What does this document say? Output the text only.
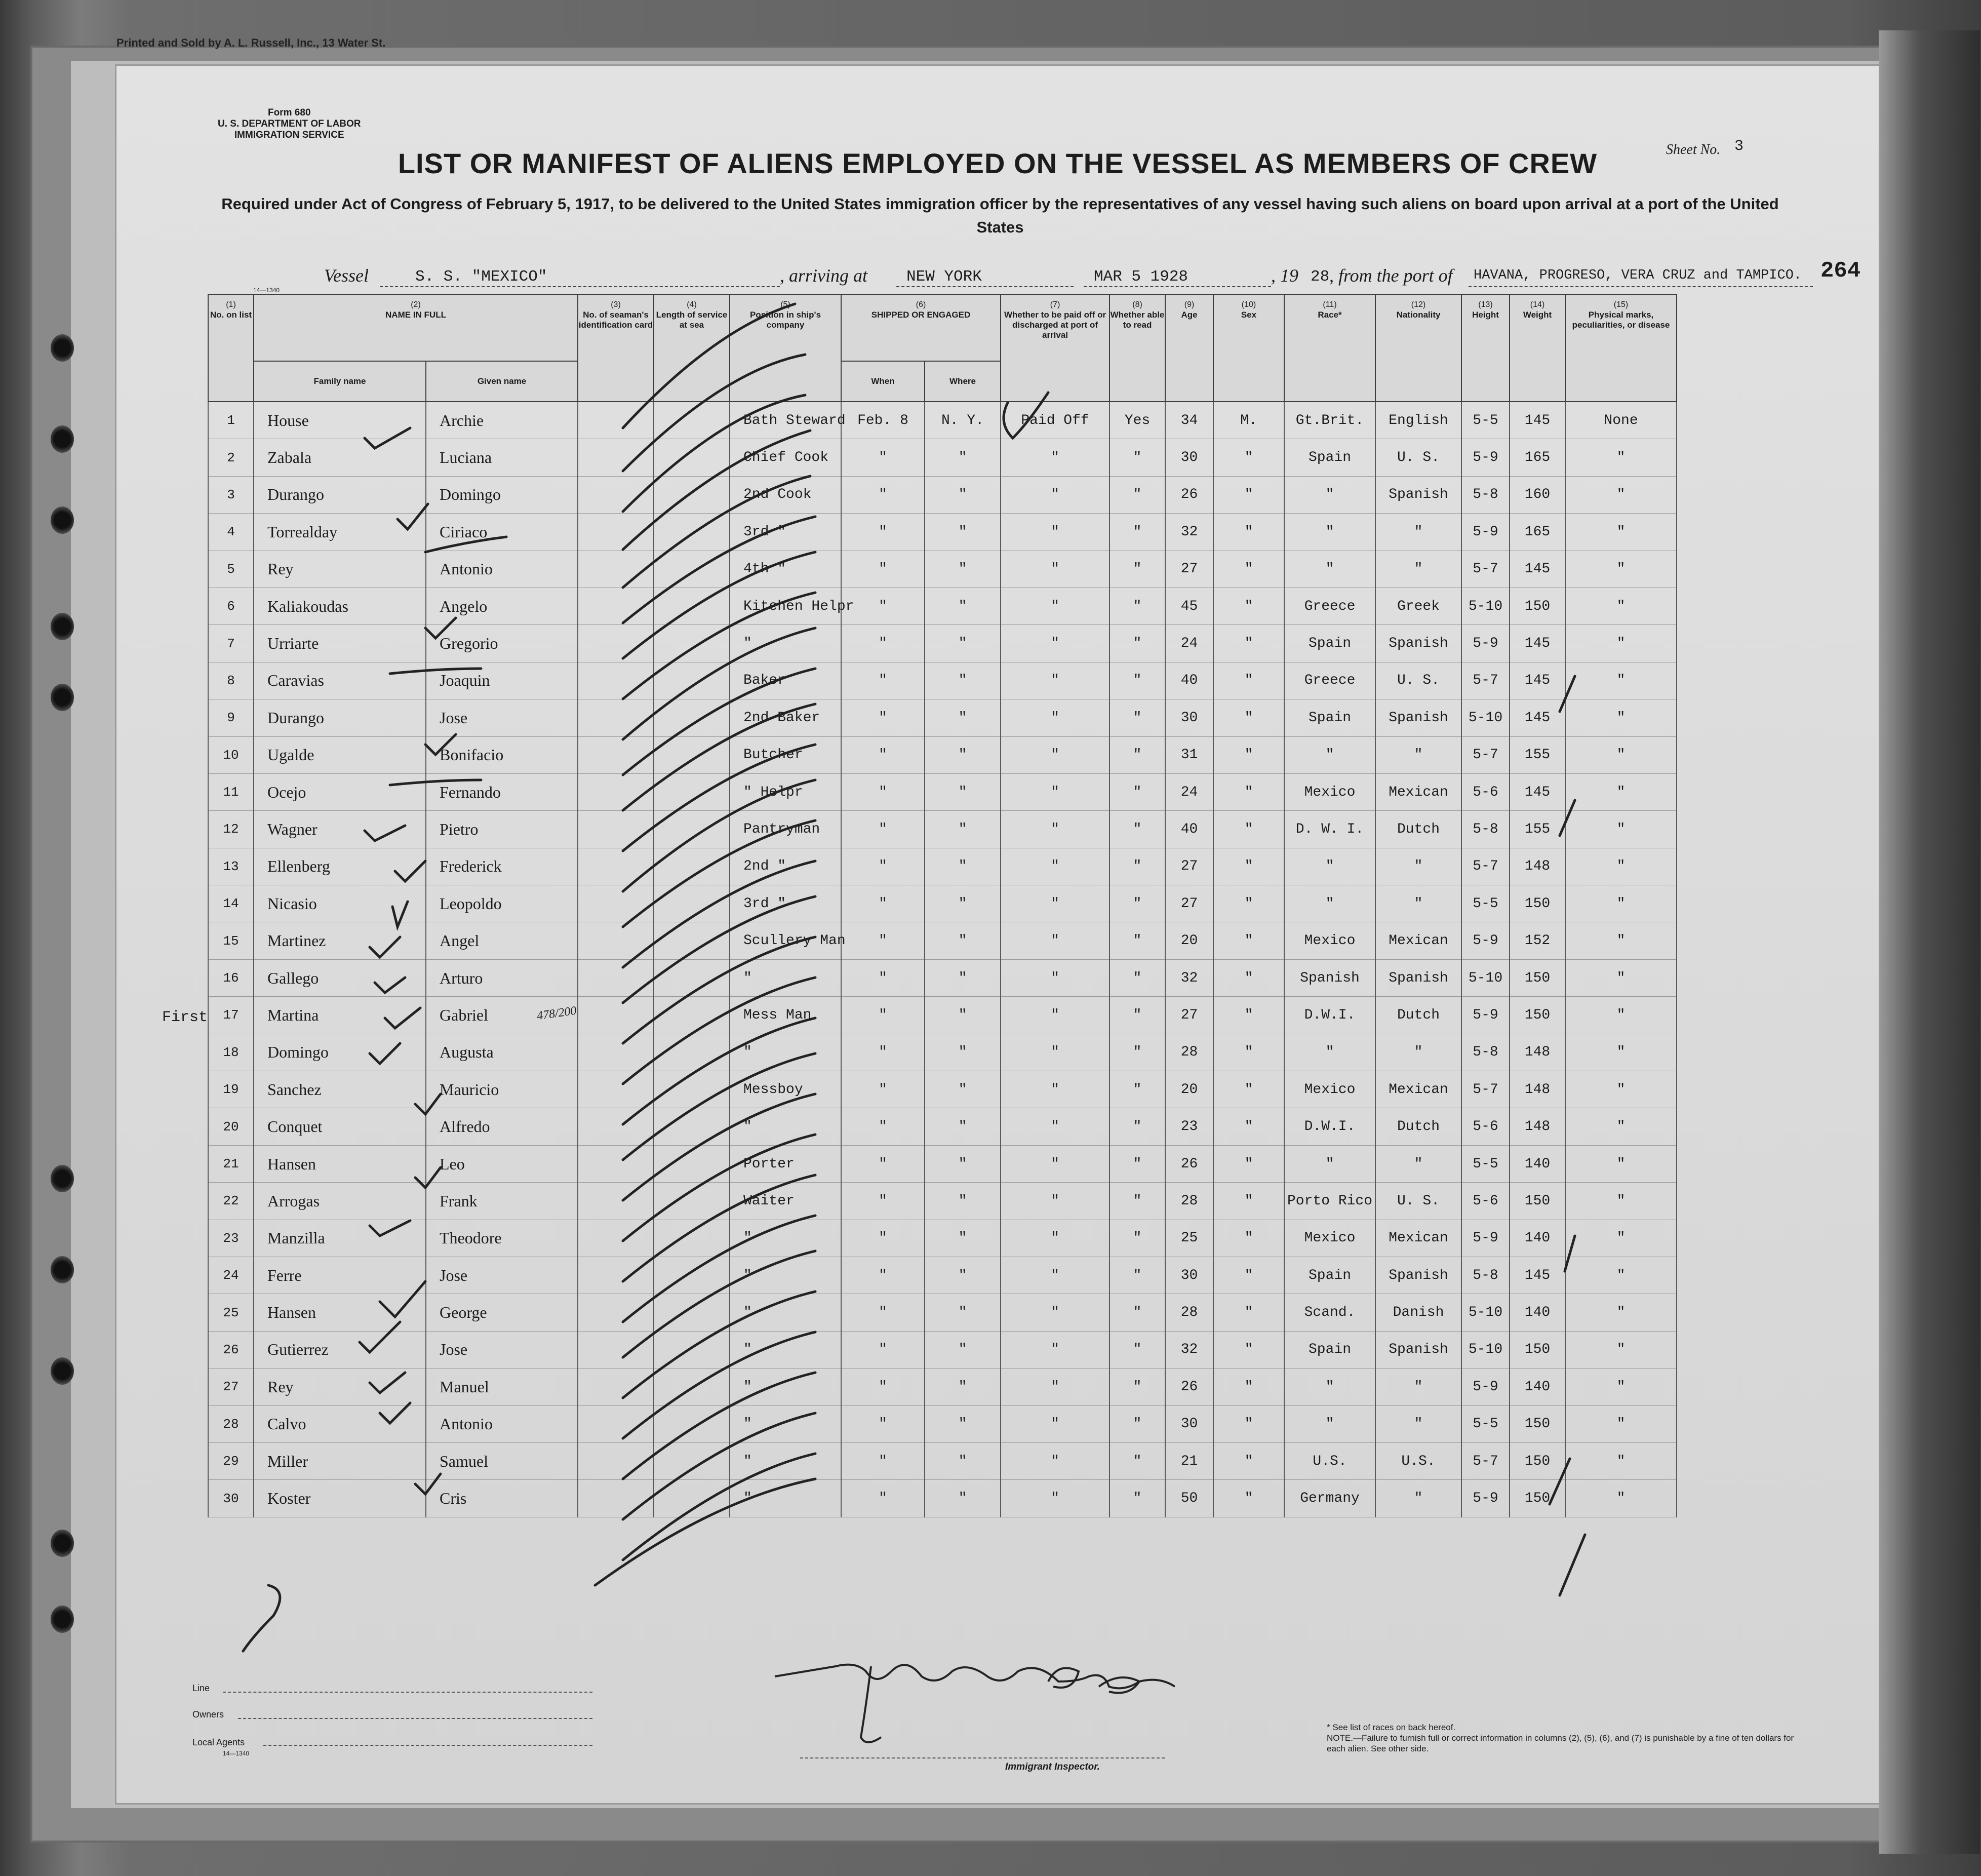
Printed and Sold by A. L. Russell, Inc., 13 Water St.
Form 680
U. S. DEPARTMENT OF LABOR
IMMIGRATION SERVICE
Sheet No. 3
LIST OR MANIFEST OF ALIENS EMPLOYED ON THE VESSEL AS MEMBERS OF CREW
Required under Act of Congress of February 5, 1917, to be delivered to the United States immigration officer by the representatives of any vessel having such aliens on board upon arrival at a port of the United States
Vessel	S. S. "MEXICO"	, arriving at NEW YORK	MAR 5 1928	, 19 28 , from the port of HAVANA, PROGRESO, VERA CRUZ and TAMPICO. 264
14—1340
(1)
No. on list	(2)
NAME IN FULL		(3)
No. of seaman's identification card	(4)
Length of service at sea	(5)
Position in ship's company	(6)
SHIPPED OR ENGAGED		(7)
Whether to be paid off or discharged at port of arrival	(8)
Whether able to read	(9)
Age	(10)
Sex	(11)
Race*	(12)
Nationality	(13)
Height	(14)
Weight	(15)
Physical marks, peculiarities, or disease
	Family name	Given name				When	Where									
1	House	Archie			Bath Steward	Feb. 8	N. Y.	Paid Off	Yes	34	M.	Gt.Brit.	English	5-5	145	None
2	Zabala	Luciana			Chief Cook	"	"	"	"	30	"	Spain	U. S.	5-9	165	"
3	Durango	Domingo			2nd Cook	"	"	"	"	26	"	"	Spanish	5-8	160	"
4	Torrealday	Ciriaco			3rd "	"	"	"	"	32	"	"	"	5-9	165	"
5	Rey	Antonio			4th "	"	"	"	"	27	"	"	"	5-7	145	"
6	Kaliakoudas	Angelo			Kitchen Helpr	"	"	"	"	45	"	Greece	Greek	5-10	150	"
7	Urriarte	Gregorio			"	"	"	"	"	24	"	Spain	Spanish	5-9	145	"
8	Caravias	Joaquin			Baker	"	"	"	"	40	"	Greece	U. S.	5-7	145	"
9	Durango	Jose			2nd Baker	"	"	"	"	30	"	Spain	Spanish	5-10	145	"
10	Ugalde	Bonifacio			Butcher	"	"	"	"	31	"	"	"	5-7	155	"
11	Ocejo	Fernando			" Helpr	"	"	"	"	24	"	Mexico	Mexican	5-6	145	"
12	Wagner	Pietro			Pantryman	"	"	"	"	40	"	D. W. I.	Dutch	5-8	155	"
13	Ellenberg	Frederick			2nd "	"	"	"	"	27	"	"	"	5-7	148	"
14	Nicasio	Leopoldo			3rd "	"	"	"	"	27	"	"	"	5-5	150	"
15	Martinez	Angel			Scullery Man	"	"	"	"	20	"	Mexico	Mexican	5-9	152	"
16	Gallego	Arturo			"	"	"	"	"	32	"	Spanish	Spanish	5-10	150	"
17	Martina	Gabriel			Mess Man	"	"	"	"	27	"	D.W.I.	Dutch	5-9	150	"
18	Domingo	Augusta			"	"	"	"	"	28	"	"	"	5-8	148	"
19	Sanchez	Mauricio			Messboy	"	"	"	"	20	"	Mexico	Mexican	5-7	148	"
20	Conquet	Alfredo			"	"	"	"	"	23	"	D.W.I.	Dutch	5-6	148	"
21	Hansen	Leo			Porter	"	"	"	"	26	"	"	"	5-5	140	"
22	Arrogas	Frank			Waiter	"	"	"	"	28	"	Porto Rico	U. S.	5-6	150	"
23	Manzilla	Theodore			"	"	"	"	"	25	"	Mexico	Mexican	5-9	140	"
24	Ferre	Jose			"	"	"	"	"	30	"	Spain	Spanish	5-8	145	"
25	Hansen	George			"	"	"	"	"	28	"	Scand.	Danish	5-10	140	"
26	Gutierrez	Jose			"	"	"	"	"	32	"	Spain	Spanish	5-10	150	"
27	Rey	Manuel			"	"	"	"	"	26	"	"	"	5-9	140	"
28	Calvo	Antonio			"	"	"	"	"	30	"	"	"	5-5	150	"
29	Miller	Samuel			"	"	"	"	"	21	"	U.S.	U.S.	5-7	150	"
30	Koster	Cris			"	"	"	"	"	50	"	Germany	"	5-9	150	"
First	478/200
Line
Owners
Local Agents
14—1340
Immigrant Inspector.
* See list of races on back hereof.
NOTE.—Failure to furnish full or correct information in columns (2), (5), (6), and (7) is punishable by a fine of ten dollars for each alien. See other side.
